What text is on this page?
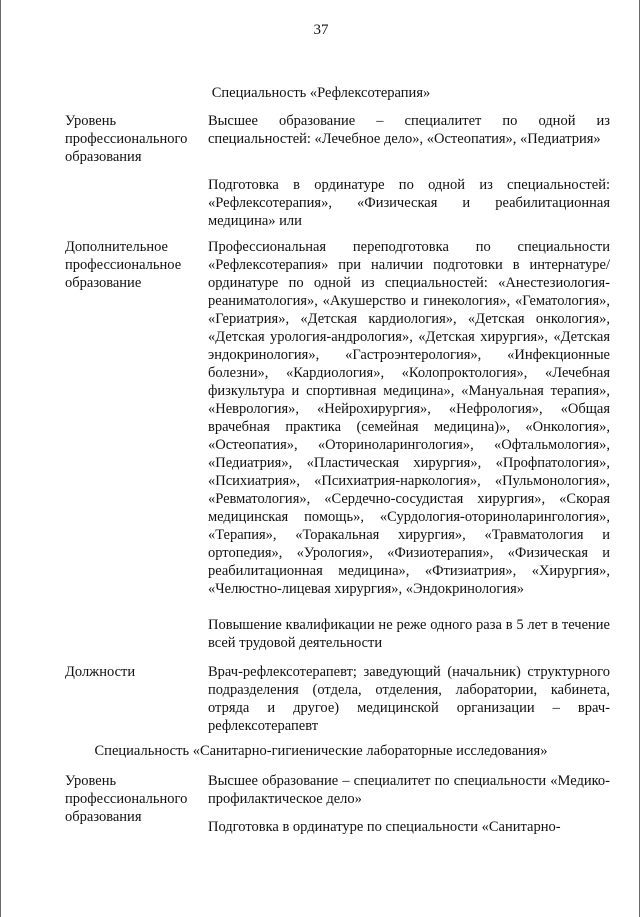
37
Специальность «Рефлексотерапия»
Уровень
профессионального
образования
Высшее образование – специалитет по одной из специальностей: «Лечебное дело», «Остеопатия», «Педиатрия»
Подготовка в ординатуре по одной из специальностей: «Рефлексотерапия», «Физическая и реабилитационная медицина» или
Дополнительное
профессиональное
образование
Профессиональная переподготовка по специальности «Рефлексотерапия» при наличии подготовки в интернатуре/ординатуре по одной из специальностей: «Анестезиология-реаниматология», «Акушерство и гинекология», «Гематология», «Гериатрия», «Детская кардиология», «Детская онкология», «Детская урология-андрология», «Детская хирургия», «Детская эндокринология», «Гастроэнтерология», «Инфекционные болезни», «Кардиология», «Колопроктология», «Лечебная физкультура и спортивная медицина», «Мануальная терапия», «Неврология», «Нейрохирургия», «Нефрология», «Общая врачебная практика (семейная медицина)», «Онкология», «Остеопатия», «Оториноларингология», «Офтальмология», «Педиатрия», «Пластическая хирургия», «Профпатология», «Психиатрия», «Психиатрия-наркология», «Пульмонология», «Ревматология», «Сердечно-сосудистая хирургия», «Скорая медицинская помощь», «Сурдология-оториноларингология», «Терапия», «Торакальная хирургия», «Травматология и ортопедия», «Урология», «Физиотерапия», «Физическая и реабилитационная медицина», «Фтизиатрия», «Хирургия», «Челюстно-лицевая хирургия», «Эндокринология»
Повышение квалификации не реже одного раза в 5 лет в течение всей трудовой деятельности
Должности	Врач-рефлексотерапевт; заведующий (начальник) структурного подразделения (отдела, отделения, лаборатории, кабинета, отряда и другое) медицинской организации – врач-рефлексотерапевт
Специальность «Санитарно-гигиенические лабораторные исследования»
Уровень
профессионального
образования
Высшее образование – специалитет по специальности «Медико-профилактическое дело»
Подготовка в ординатуре по специальности «Санитарно-
